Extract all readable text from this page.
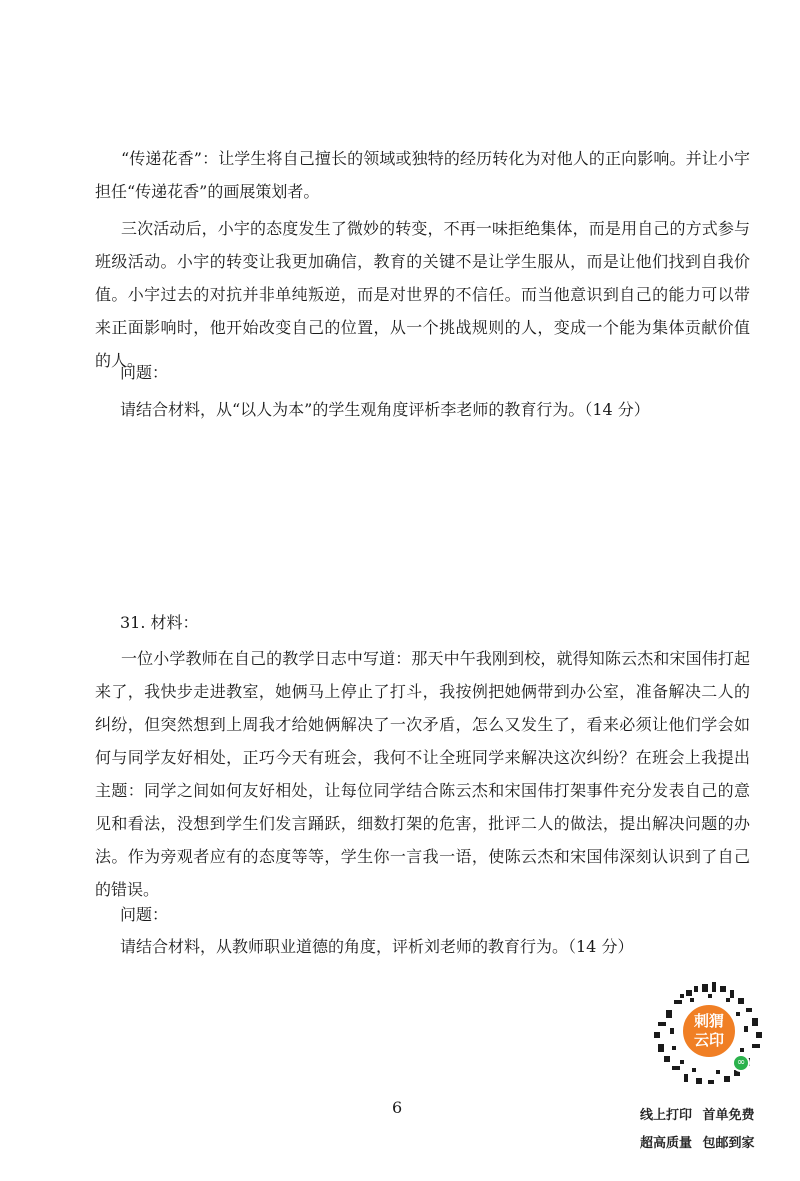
“传递花香”：让学生将自己擅长的领域或独特的经历转化为对他人的正向影响。并让小宇担任“传递花香”的画展策划者。

三次活动后，小宇的态度发生了微妙的转变，不再一味拒绝集体，而是用自己的方式参与班级活动。小宇的转变让我更加确信，教育的关键不是让学生服从，而是让他们找到自我价值。小宇过去的对抗并非单纯叛逆，而是对世界的不信任。而当他意识到自己的能力可以带来正面影响时，他开始改变自己的位置，从一个挑战规则的人，变成一个能为集体贡献价值的人。

问题：

请结合材料，从“以人为本”的学生观角度评析李老师的教育行为。（14 分）

31. 材料：

一位小学教师在自己的教学日志中写道：那天中午我刚到校，就得知陈云杰和宋国伟打起来了，我快步走进教室，她俩马上停止了打斗，我按例把她俩带到办公室，准备解决二人的纠纷，但突然想到上周我才给她俩解决了一次矛盾，怎么又发生了，看来必须让他们学会如何与同学友好相处，正巧今天有班会，我何不让全班同学来解决这次纠纷？在班会上我提出主题：同学之间如何友好相处，让每位同学结合陈云杰和宋国伟打架事件充分发表自己的意见和看法，没想到学生们发言踊跃，细数打架的危害，批评二人的做法，提出解决问题的办法。作为旁观者应有的态度等等，学生你一言我一语，使陈云杰和宋国伟深刻认识到了自己的错误。

问题：

请结合材料，从教师职业道德的角度，评析刘老师的教育行为。（14 分）

6
刺猬
云印
∞
线上打印 首单免费
超高质量 包邮到家
